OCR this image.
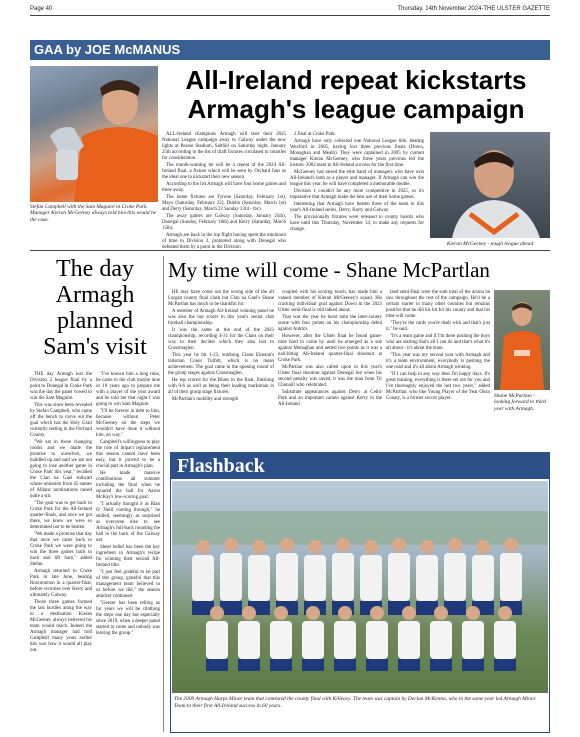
Page 40	Thursday, 14th November 2024-THE ULSTER GAZETTE
GAA by JOE McMANUS
Stefan Campbell with the Sam Maguire in Croke Park. Manager Kieran McGeeney always told him this would be the case.
All-Ireland repeat kickstarts
Armagh's league campaign

ALL-Ireland champions Armagh will start their 2025 National League campaign away to Galway under the new lights at Pearse Stadium, Salthill on Saturday night, January 25th according to the list of draft fixtures circulated to counties for consideration.

The month-warning tie will be a repeat of the 2024 All-Ireland final, a fixture which will be seen by Orchard fans as the ideal one to kickstart their new season.

According to the list Armagh will have four home games and three away.

The home fixtures are Tyrone (Saturday, February 1st), Mayo (Saturday, February 22), Dublin (Saturday, March 1st) and Derry (Saturday, March 22 Sunday 23rd - tbc).

The away games are Galway (Saturday, January 25th), Donegal (Sunday, February 16th) and Kerry (Saturday, March 15th).

Armagh are back in the top flight having spent the minimum of time in Division 2, promoted along with Donegal who defeated them by a point in the Division

2 final at Croke Park.

Armagh have only collected one National League title, beating Wexford in 2005, having lost three previous finals (Down, Monaghan and Meath). They were captained in 2005 by current manager Kieran McGeeney, who three years previous led the historic 2002 team to All-Ireland success for the first time.

McGeeney has raised the elite band of managers who have won All-Ireland's both as a player and manager. If Armagh can win the league this year, he will have completed a memorable double.

Division 1 couldn't be any more competitive in 2025, so it's imperative that Armagh make the best use of their home games.

Interesting that Armagh have beaten three of the team in this year's All-Ireland series, Derry, Kerry and Galway.

The provisionally fixtures were released to county boards who have until this Thursday, November 14, to make any requests for change.

Kieran McGeeney - tough league ahead
The day Armagh planned Sam's visit

THE day Armagh lost the Division 2 league final by a point to Donegal in Croke Park was the day the panel vowed to win the Sam Maguire.

This was since been revealed by Stefan Campbell, who came off the bench to carve out the goal which has the Holy Grail currently resting in the Orchard County.

"We sat in those changing rooms and we made the promise to ourselves, we huddled up and said we are not going to lose another game in Croke Park this year," recalled the Clan na Gael stalwart whose omission from 45 names of Allianz nominations raised quite a stir.

"The goal was to get back to Croke Park for the All-Ireland quarter-finals, and once we got there, we knew we were so determined not to be beaten.

"We made a promise that day that once we came back to Croke Park we were going to win the three games back to back and lift Sam," added Stefan.

Armagh returned to Croke Park in late June, beating Roscommon in a quarter-final, before victories over Kerry and ultimately Galway.

Those three games formed the last hurdles along the way to a destination Kieran McGeeney always believed his team would reach. Indeed the Armagh manager had told Campbell many years earlier this was how it would all play out.

"I've known him a long time, he came to the club maybe nine or 10 years ago to prepare me with a player of the year award and he told me that night I was going to win Sam Maguire.

"I'll be forever in debt to him, because without Peter McGeeney on the steps we wouldn't have done it without him, no way."

Campbell's willingness to play the role of impact replacement this season cannot have been easy, but it proved to be a crucial part in Armagh's plan.

He made massive contributions all summer including the final when he squared the ball for Aaron McKay's low-scoring goal.

"I actually thought it as Rian O' Neill coming through," he smiled, seemingly as surprised as everyone else to see Armagh's full-back rounding the ball to the back of the Galway net.

Sheer belief has been the key ingredient in Armagh's recipe for winning their second All-Ireland title.

"I just feel grateful to be part of this group, grateful that this management team believed in us before we did," the season attacker continued.

"Geezer has been telling us for years we will be climbing the steps one day but especially since 2019, when a deeper panel started to come and nobody was leaving the group."

My time will come - Shane McPartlan

HE may have come out the wrong side of the all Lurgan county final clash but Clan na Gael's Shane McPartlan has much to be thankful for.

A member of Armagh All-Ireland winning panel he was also the top scorer in this year's senior club football championship.

It was the same at the end of the 2023 championship, recording 4-31 for the Clans on their way to their decider which they also lost to Crossmaglen.

This year he hit 1-23, outdoing Clann Eireann's talisman Conor Turbitt, which is no mean achievement. The goal came in the opening round of the group stages against Crossmaglen.

He top scored for the Blues in the final, finishing with 0-6 as well as being their leading marksman in all of their group stage fixtures.

McPartlan's mobility and strength

coupled with his scoring touch, has made him a valued member of Kieran McGeeney's squad. His cracking individual goal against Down in the 2023 Ulster semi-final is still talked about.

That was the year he burst onto the inter-county scene with four points on his championship debut against Antrim.

However, after the Ulster final he found game-time hard to come by until he emerged as a sub against Monaghan and netted two points as it was a nail-biting All-Ireland quarter-final shootout at Croke Park.

McPartlan was also called upon in this year's Ulster final shootout against Donegal but when his second penalty was saved, it was the man from Tir Chonaill who celebrated.

Substitute appearances against Derry at Celtic Park and an important cameo against Kerry in the All-Ireland

land semi-final were the sum total of the action he saw throughout the rest of the campaign. He'd be a certain starter in many other counties but remains positive that he did his bit for his county and that his time will come.

"They're the cards you're dealt with and that's just it," he said.

"It's a team game and if I'm there pushing the boys who are starting that's all I can do and that's what it's all about - it's about the team.

"This year was my second year with Armagh and it's a team environment, everybody is pushing the one road and it's all about Armagh winning.

"If I can help in any way then I'm happy days. It's great training, everything is there set out for you and I've thoroughly enjoyed the last two years," added McPartlan, who like Young Player of the Year Oisin Conaty, is a former soccer player.	Shane McPartlan - looking forward to third year with Armagh.
Flashback
The 2009 Armagh Harps Minor team that contested the county final with Killeavy. The team was captain by Declan McKenna, who in the same year led Armagh Minor Team to their first All-Ireland success in 60 years.
